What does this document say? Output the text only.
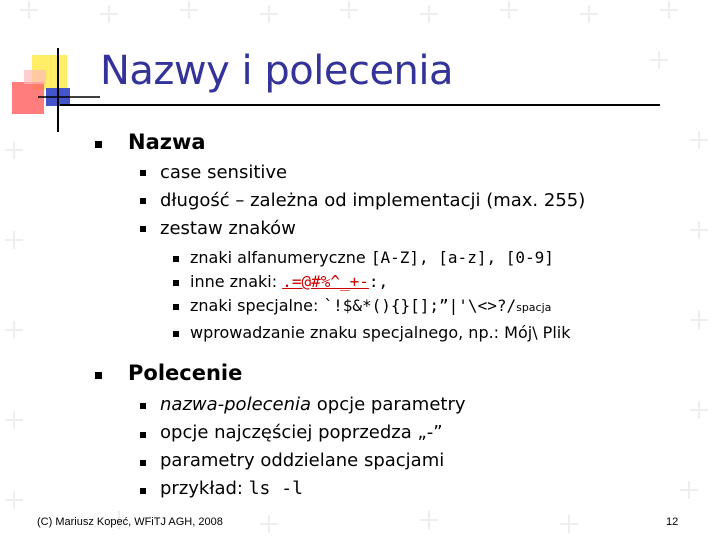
Nazwy i polecenia
Nazwa
case sensitive
długość – zależna od implementacji (max. 255)
zestaw znaków
znaki alfanumeryczne [A-Z], [a-z], [0-9]
inne znaki: .=@#%^_+-:,
znaki specjalne: `!$&*(){}[];”|'\<>?/spacja
wprowadzanie znaku specjalnego, np.: Mój\ Plik
Polecenie
nazwa-polecenia opcje parametry
opcje najczęściej poprzedza „-”
parametry oddzielane spacjami
przykład: ls -l
(C) Mariusz Kopeć, WFiTJ AGH, 2008	12
